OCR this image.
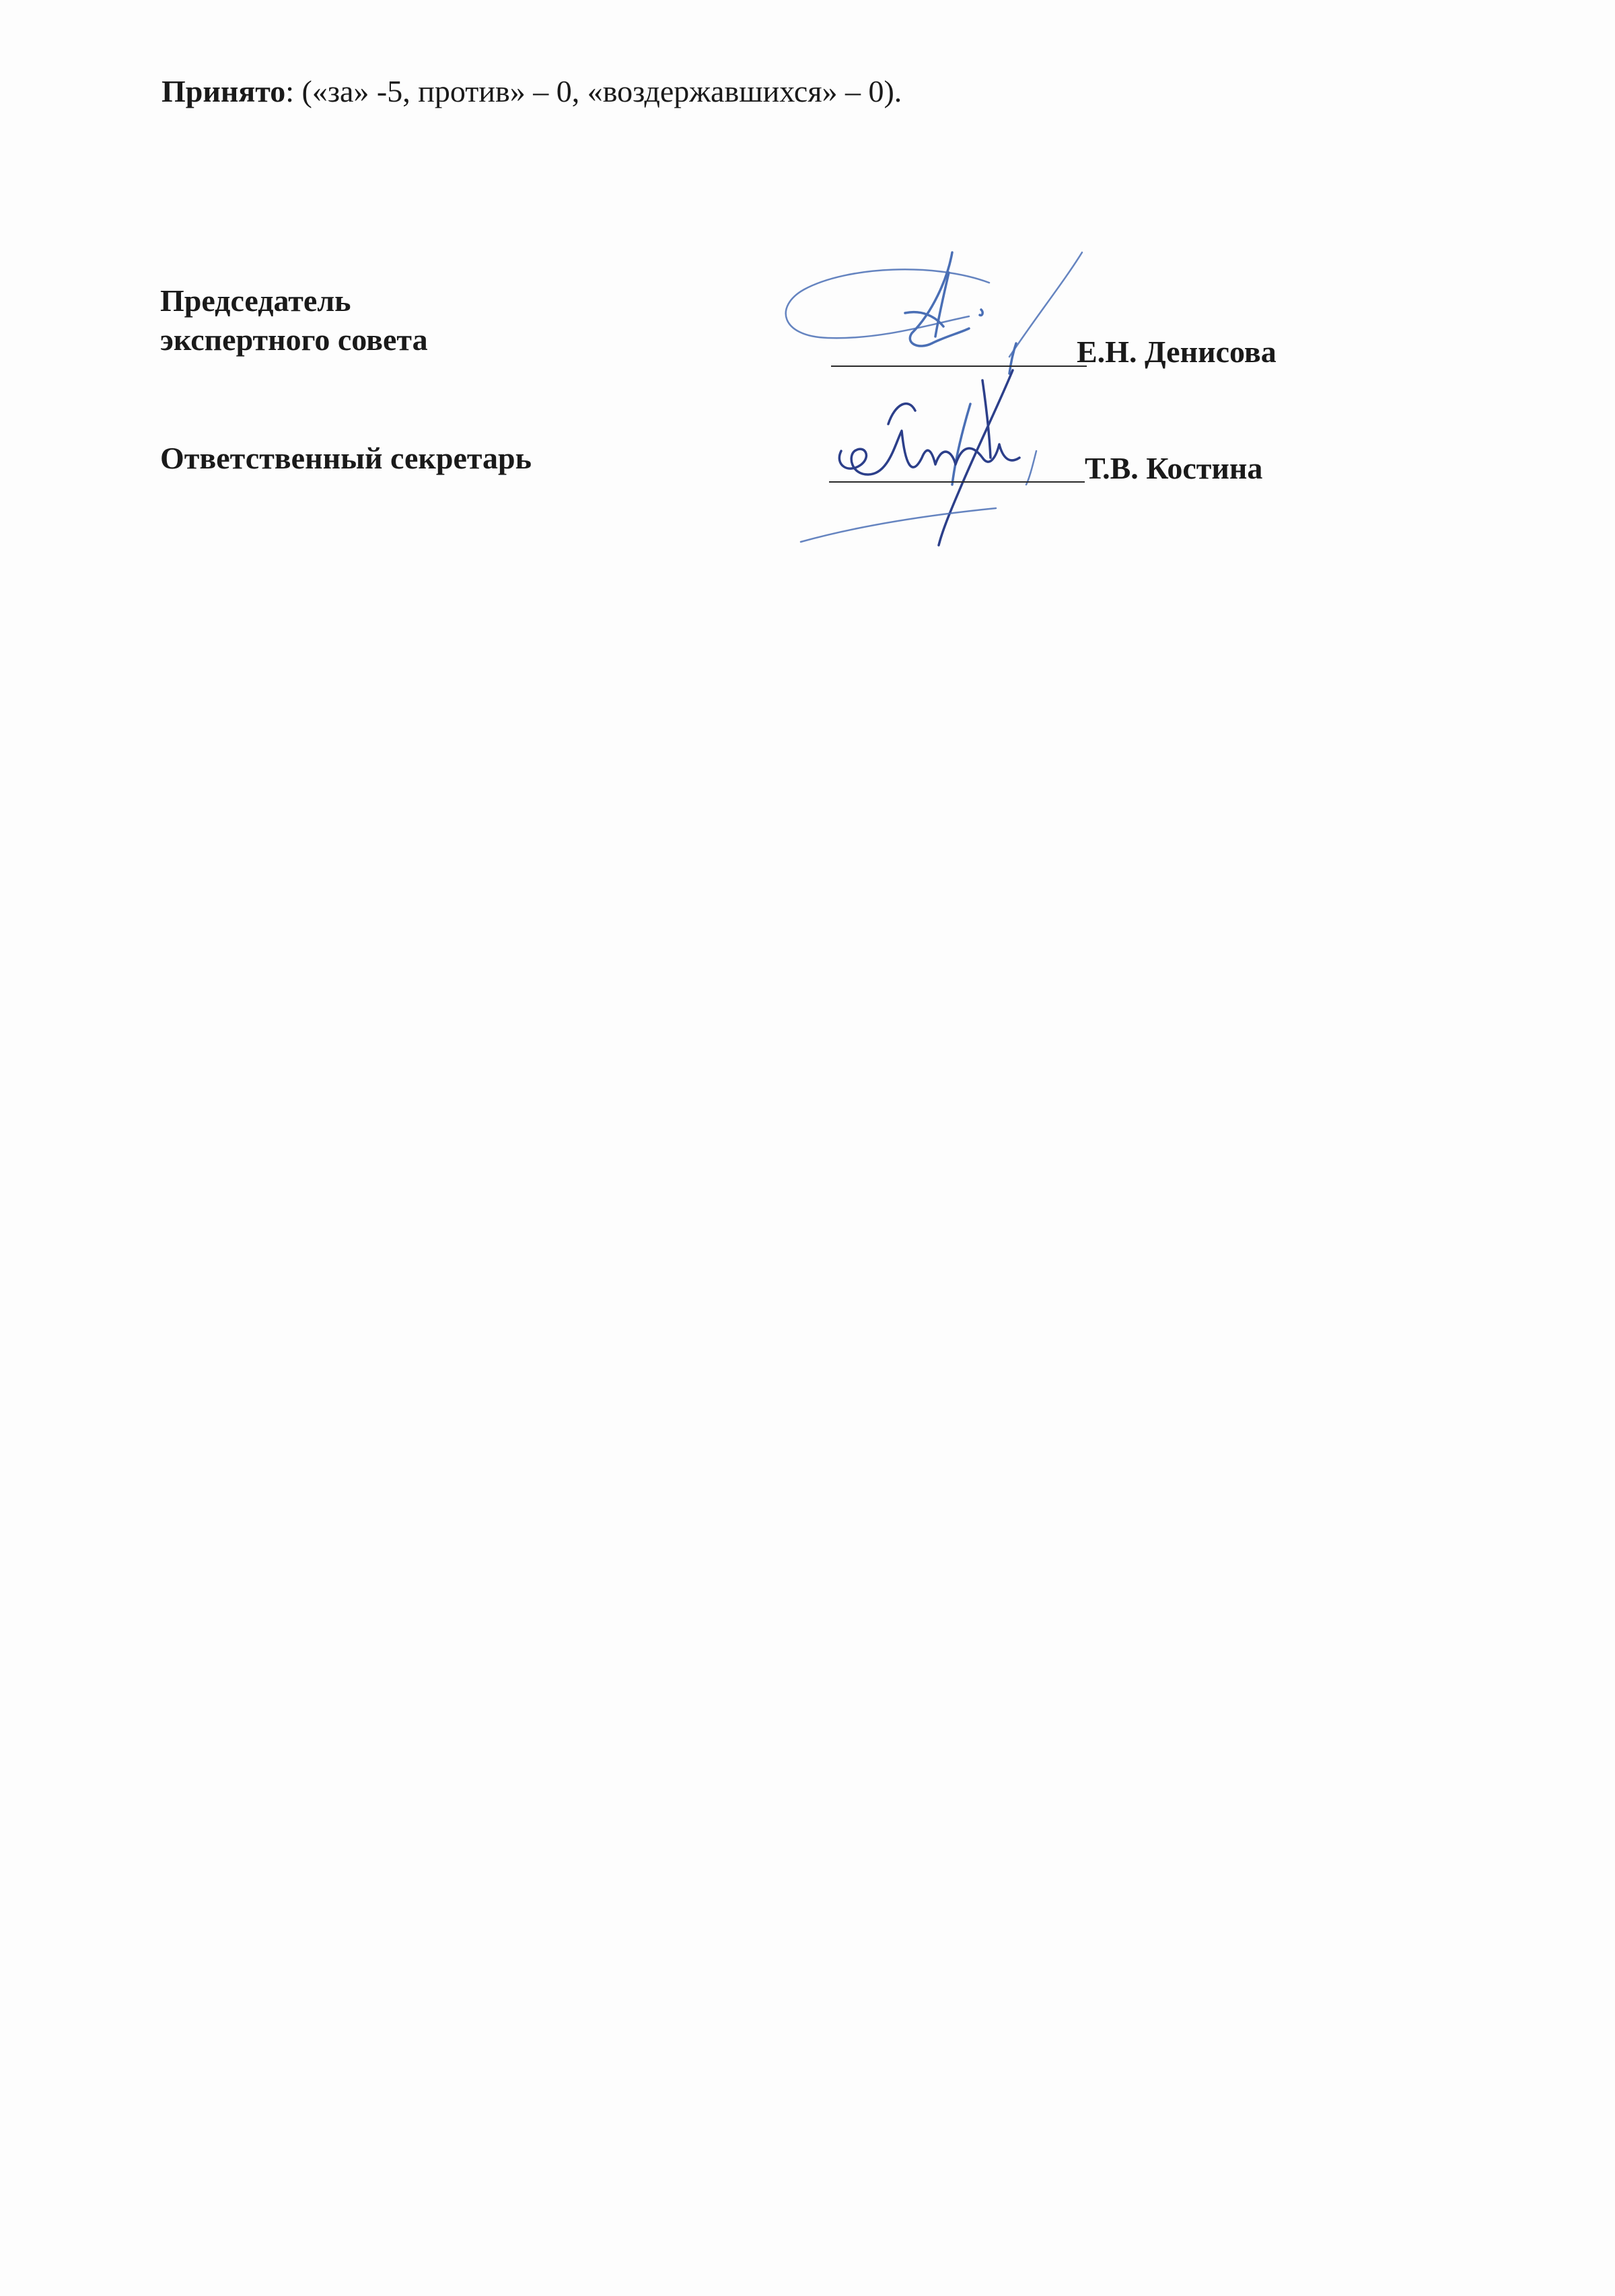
Принято: («за» -5, против» – 0, «воздержавшихся» – 0).
Председатель
экспертного совета	Е.Н. Денисова
Ответственный секретарь	Т.В. Костина
